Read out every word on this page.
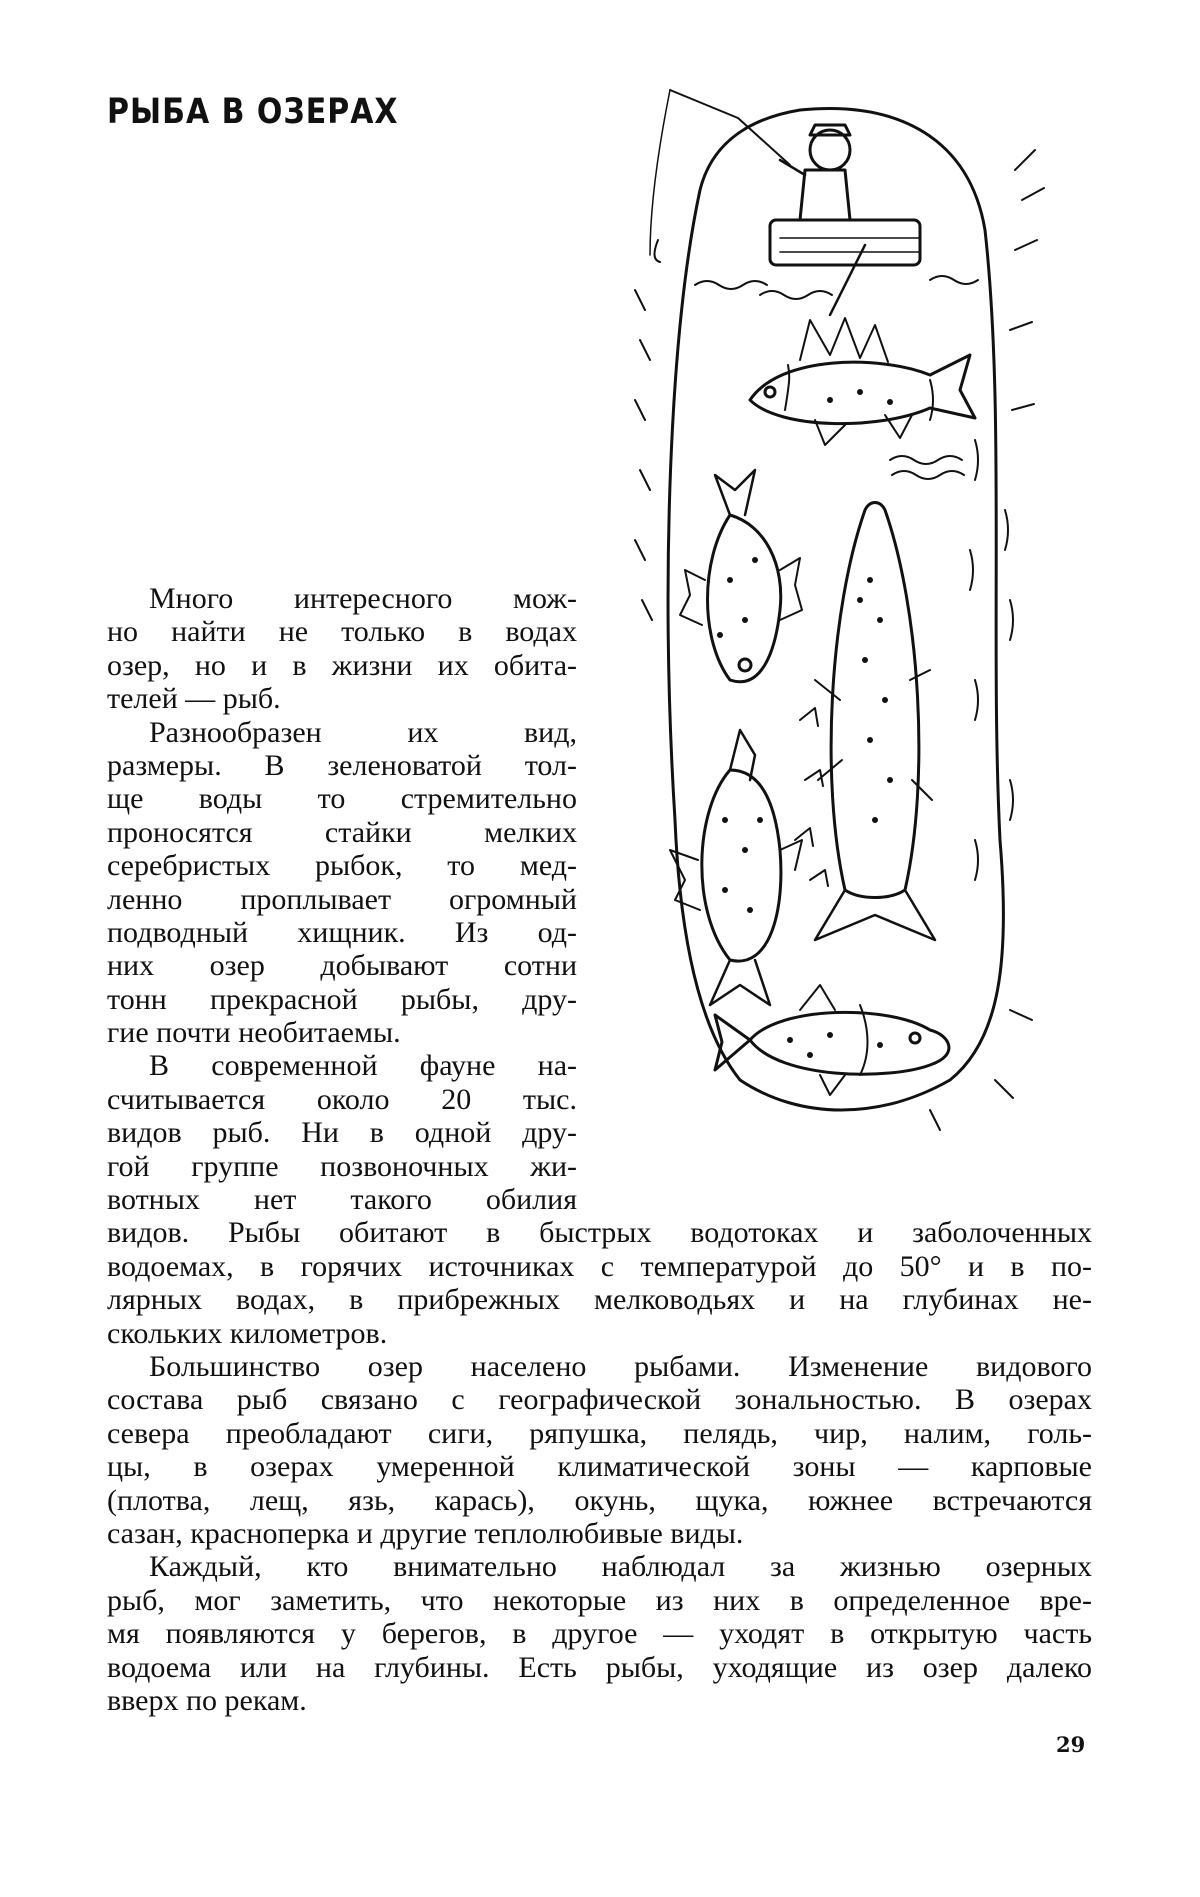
РЫБА В ОЗЕРАХ
Много интересного мож-
но найти не только в водах
озер, но и в жизни их обита-
телей — рыб.
Разнообразен их вид,
размеры. В зеленоватой тол-
ще воды то стремительно
проносятся стайки мелких
серебристых рыбок, то мед-
ленно проплывает огромный
подводный хищник. Из од-
них озер добывают сотни
тонн прекрасной рыбы, дру-
гие почти необитаемы.
В современной фауне на-
считывается около 20 тыс.
видов рыб. Ни в одной дру-
гой группе позвоночных жи-
вотных нет такого обилия
видов. Рыбы обитают в быстрых водотоках и заболоченных
водоемах, в горячих источниках с температурой до 50° и в по-
лярных водах, в прибрежных мелководьях и на глубинах не-
скольких километров.
Большинство озер населено рыбами. Изменение видового
состава рыб связано с географической зональностью. В озерах
севера преобладают сиги, ряпушка, пелядь, чир, налим, голь-
цы, в озерах умеренной климатической зоны — карповые
(плотва, лещ, язь, карась), окунь, щука, южнее встречаются
сазан, красноперка и другие теплолюбивые виды.
Каждый, кто внимательно наблюдал за жизнью озерных
рыб, мог заметить, что некоторые из них в определенное вре-
мя появляются у берегов, в другое — уходят в открытую часть
водоема или на глубины. Есть рыбы, уходящие из озер далеко
вверх по рекам.
29
